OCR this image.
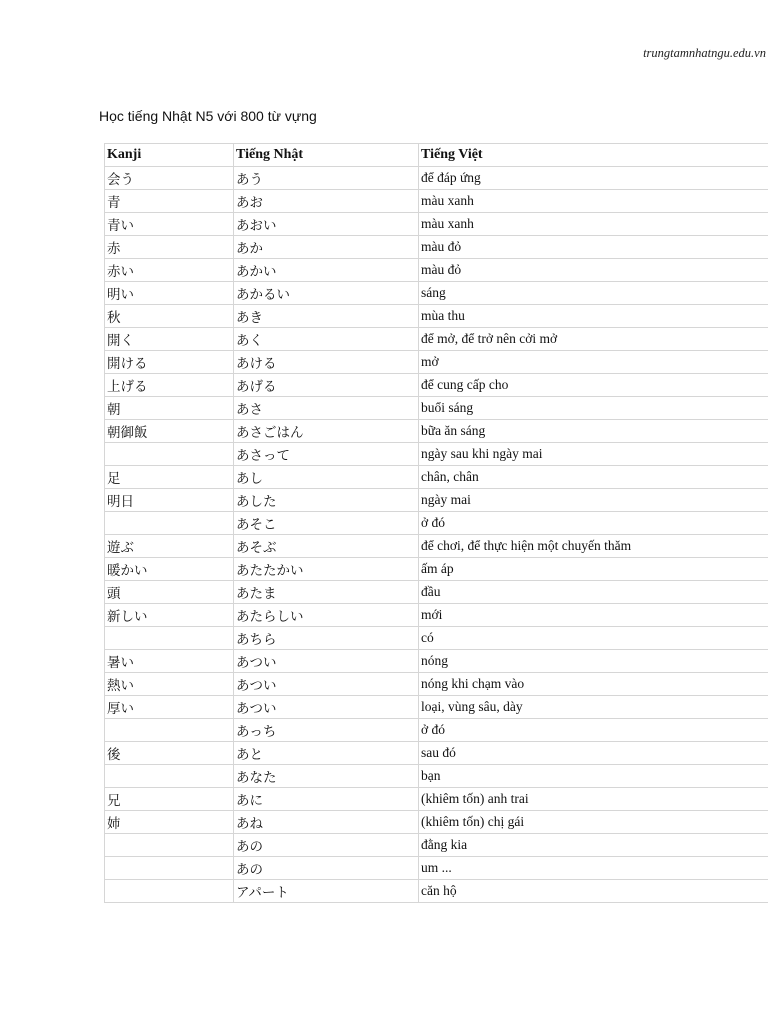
trungtamnhatngu.edu.vn
Học tiếng Nhật N5 với 800 từ vựng
Kanji	Tiếng Nhật	Tiếng Việt
会う	あう	để đáp ứng
青	あお	màu xanh
青い	あおい	màu xanh
赤	あか	màu đỏ
赤い	あかい	màu đỏ
明い	あかるい	sáng
秋	あき	mùa thu
開く	あく	để mở, để trở nên cởi mở
開ける	あける	mở
上げる	あげる	để cung cấp cho
朝	あさ	buổi sáng
朝御飯	あさごはん	bữa ăn sáng
	あさって	ngày sau khi ngày mai
足	あし	chân, chân
明日	あした	ngày mai
	あそこ	ở đó
遊ぶ	あそぶ	để chơi, để thực hiện một chuyến thăm
暖かい	あたたかい	ấm áp
頭	あたま	đầu
新しい	あたらしい	mới
	あちら	có
暑い	あつい	nóng
熱い	あつい	nóng khi chạm vào
厚い	あつい	loại, vùng sâu, dày
	あっち	ở đó
後	あと	sau đó
	あなた	bạn
兄	あに	(khiêm tốn) anh trai
姉	あね	(khiêm tốn) chị gái
	あの	đằng kia
	あの	um ...
	アパート	căn hộ
